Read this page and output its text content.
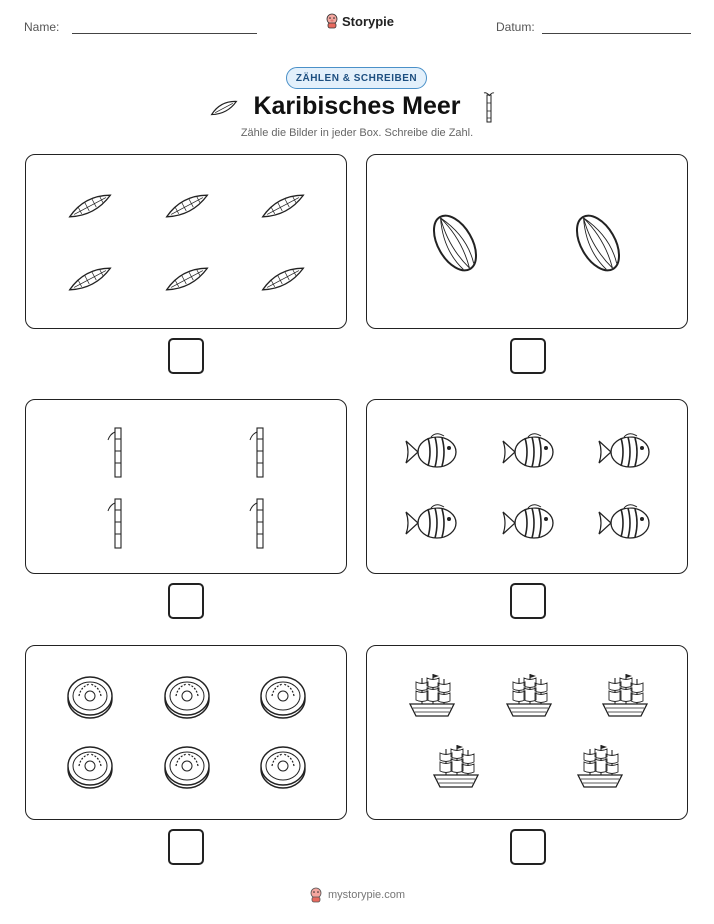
Name:	Storypie	Datum:
ZÄHLEN & SCHREIBEN
Karibisches Meer
Zähle die Bilder in jeder Box. Schreibe die Zahl.
mystorypie.com
